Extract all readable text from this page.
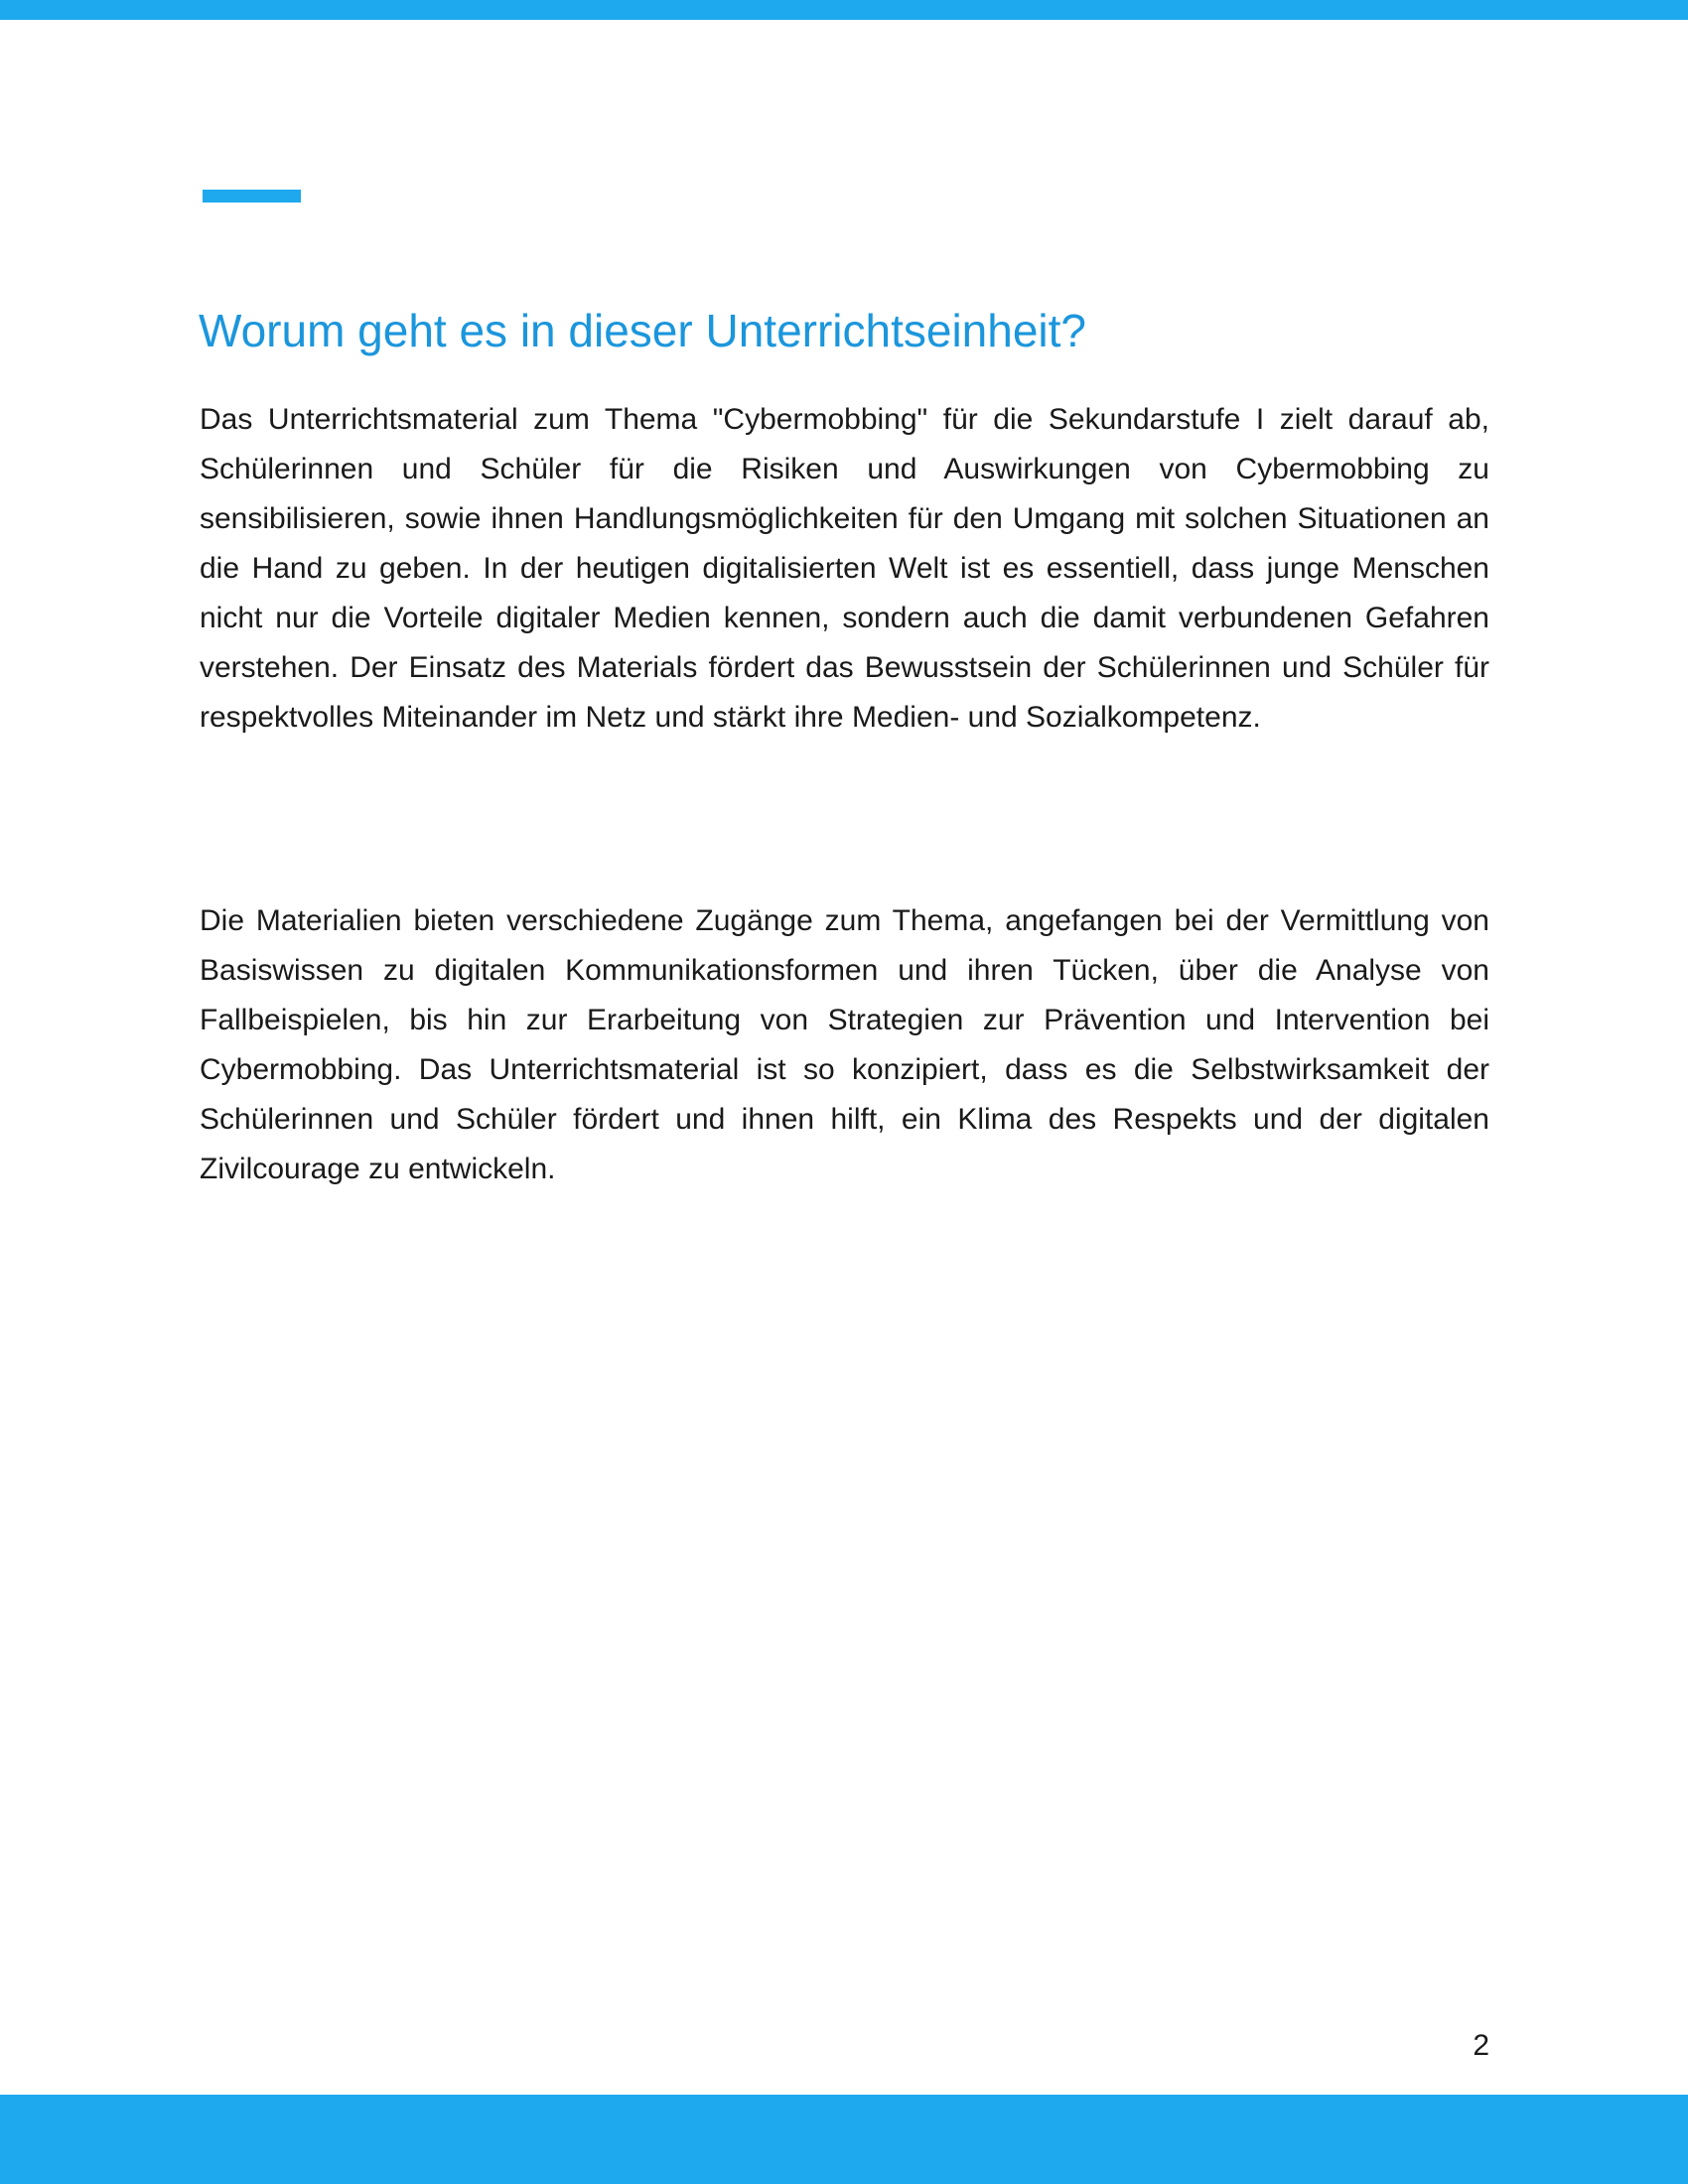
Worum geht es in dieser Unterrichtseinheit?

Das Unterrichtsmaterial zum Thema "Cybermobbing" für die Sekundarstufe I zielt darauf ab, Schülerinnen und Schüler für die Risiken und Auswirkungen von Cybermobbing zu sensibilisieren, sowie ihnen Handlungsmöglichkeiten für den Umgang mit solchen Situationen an die Hand zu geben. In der heutigen digitalisierten Welt ist es essentiell, dass junge Menschen nicht nur die Vorteile digitaler Medien kennen, sondern auch die damit verbundenen Gefahren verstehen. Der Einsatz des Materials fördert das Bewusstsein der Schülerinnen und Schüler für respektvolles Miteinander im Netz und stärkt ihre Medien- und Sozialkompetenz.

Die Materialien bieten verschiedene Zugänge zum Thema, angefangen bei der Vermittlung von Basiswissen zu digitalen Kommunikationsformen und ihren Tücken, über die Analyse von Fallbeispielen, bis hin zur Erarbeitung von Strategien zur Prävention und Intervention bei Cybermobbing. Das Unterrichtsmaterial ist so konzipiert, dass es die Selbstwirksamkeit der Schülerinnen und Schüler fördert und ihnen hilft, ein Klima des Respekts und der digitalen Zivilcourage zu entwickeln.

2
